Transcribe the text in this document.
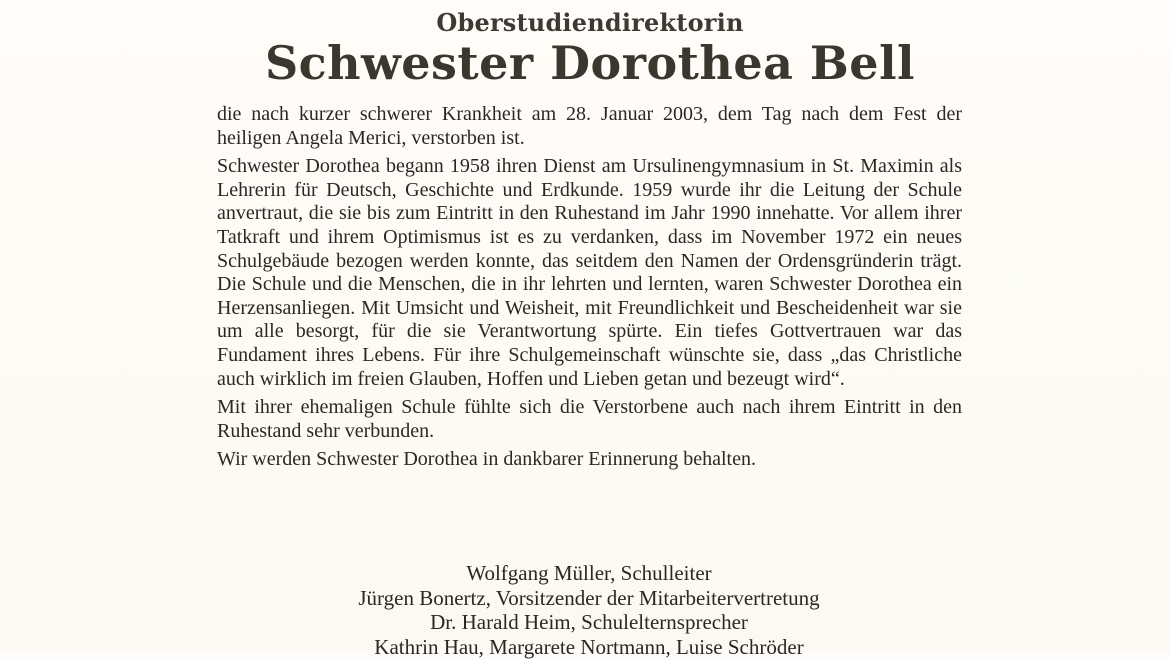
Oberstudiendirektorin
Schwester Dorothea Bell

die nach kurzer schwerer Krankheit am 28. Januar 2003, dem Tag nach dem Fest der heiligen Angela Merici, verstorben ist.

Schwester Dorothea begann 1958 ihren Dienst am Ursulinengymnasium in St. Maximin als Lehrerin für Deutsch, Geschichte und Erdkunde. 1959 wurde ihr die Leitung der Schule anvertraut, die sie bis zum Eintritt in den Ruhestand im Jahr 1990 innehatte. Vor allem ihrer Tatkraft und ihrem Optimismus ist es zu verdanken, dass im November 1972 ein neues Schulgebäude bezogen werden konnte, das seitdem den Namen der Ordensgründerin trägt. Die Schule und die Menschen, die in ihr lehrten und lernten, waren Schwester Dorothea ein Herzensanliegen. Mit Umsicht und Weisheit, mit Freundlichkeit und Bescheidenheit war sie um alle besorgt, für die sie Verantwortung spürte. Ein tiefes Gottvertrauen war das Fundament ihres Lebens. Für ihre Schulgemeinschaft wünschte sie, dass „das Christliche auch wirklich im freien Glauben, Hoffen und Lieben getan und bezeugt wird“.

Mit ihrer ehemaligen Schule fühlte sich die Verstorbene auch nach ihrem Eintritt in den Ruhestand sehr verbunden.

Wir werden Schwester Dorothea in dankbarer Erinnerung behalten.

Wolfgang Müller, Schulleiter
Jürgen Bonertz, Vorsitzender der Mitarbeitervertretung
Dr. Harald Heim, Schulelternsprecher
Kathrin Hau, Margarete Nortmann, Luise Schröder
